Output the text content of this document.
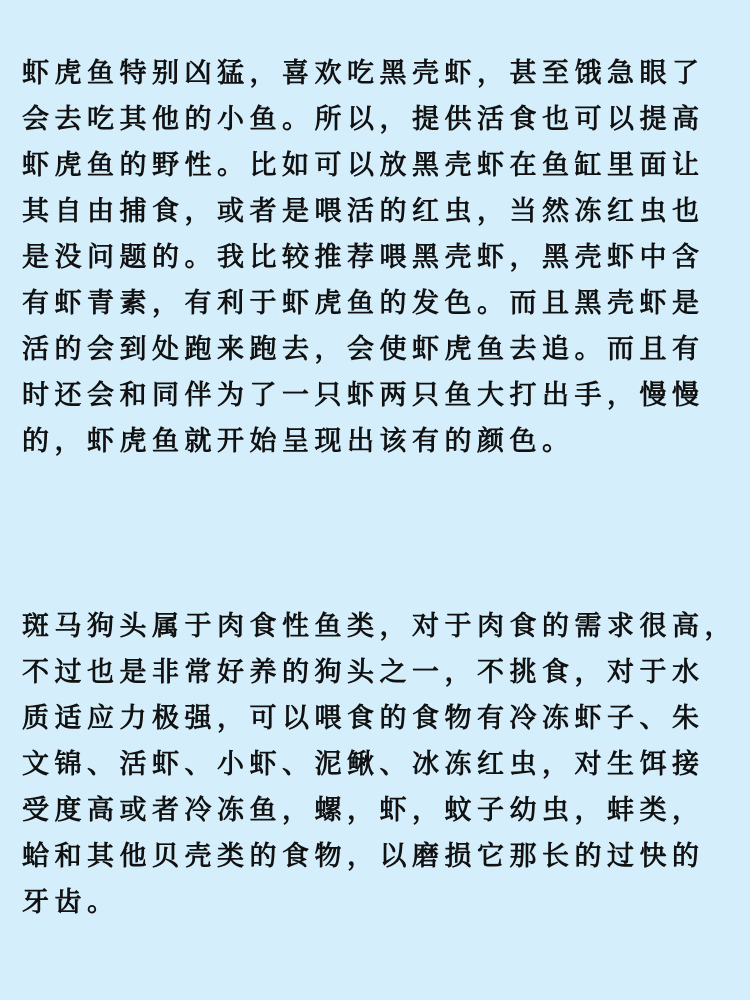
虾虎鱼特别凶猛，喜欢吃黑壳虾，甚至饿急眼了
会去吃其他的小鱼。所以，提供活食也可以提高
虾虎鱼的野性。比如可以放黑壳虾在鱼缸里面让
其自由捕食，或者是喂活的红虫，当然冻红虫也
是没问题的。我比较推荐喂黑壳虾，黑壳虾中含
有虾青素，有利于虾虎鱼的发色。而且黑壳虾是
活的会到处跑来跑去，会使虾虎鱼去追。而且有
时还会和同伴为了一只虾两只鱼大打出手，慢慢
的，虾虎鱼就开始呈现出该有的颜色。
斑马狗头属于肉食性鱼类，对于肉食的需求很高，
不过也是非常好养的狗头之一，不挑食，对于水
质适应力极强，可以喂食的食物有冷冻虾子、朱
文锦、活虾、小虾、泥鳅、冰冻红虫，对生饵接
受度高或者冷冻鱼，螺，虾，蚊子幼虫，蚌类，
蛤和其他贝壳类的食物，以磨损它那长的过快的
牙齿。
